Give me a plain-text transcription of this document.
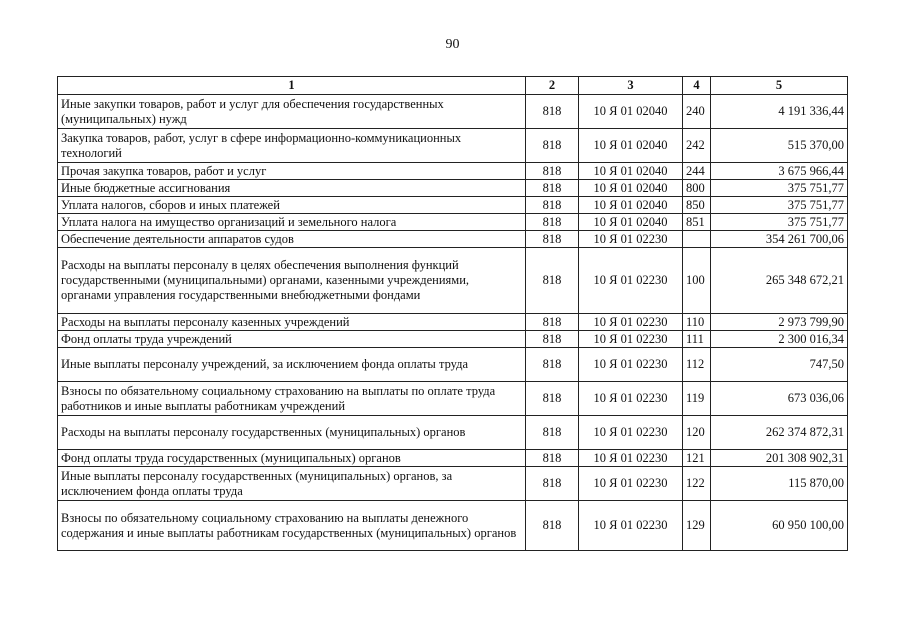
90
1	2	3	4	5
Иные закупки товаров, работ и услуг для обеспечения государственных (муниципальных) нужд	818	10 Я 01 02040	240	4 191 336,44
Закупка товаров, работ, услуг в сфере информационно-коммуникационных технологий	818	10 Я 01 02040	242	515 370,00
Прочая закупка товаров, работ и услуг	818	10 Я 01 02040	244	3 675 966,44
Иные бюджетные ассигнования	818	10 Я 01 02040	800	375 751,77
Уплата налогов, сборов и иных платежей	818	10 Я 01 02040	850	375 751,77
Уплата налога на имущество организаций и земельного налога	818	10 Я 01 02040	851	375 751,77
Обеспечение деятельности аппаратов судов	818	10 Я 01 02230		354 261 700,06
Расходы на выплаты персоналу в целях обеспечения выполнения функций государственными (муниципальными) органами, казенными учреждениями, органами управления государственными внебюджетными фондами	818	10 Я 01 02230	100	265 348 672,21
Расходы на выплаты персоналу казенных учреждений	818	10 Я 01 02230	110	2 973 799,90
Фонд оплаты труда учреждений	818	10 Я 01 02230	111	2 300 016,34
Иные выплаты персоналу учреждений, за исключением фонда оплаты труда	818	10 Я 01 02230	112	747,50
Взносы по обязательному социальному страхованию на выплаты по оплате труда работников и иные выплаты работникам учреждений	818	10 Я 01 02230	119	673 036,06
Расходы на выплаты персоналу государственных (муниципальных) органов	818	10 Я 01 02230	120	262 374 872,31
Фонд оплаты труда государственных (муниципальных) органов	818	10 Я 01 02230	121	201 308 902,31
Иные выплаты персоналу государственных (муниципальных) органов, за исключением фонда оплаты труда	818	10 Я 01 02230	122	115 870,00
Взносы по обязательному социальному страхованию на выплаты денежного содержания и иные выплаты работникам государственных (муниципальных) органов	818	10 Я 01 02230	129	60 950 100,00
